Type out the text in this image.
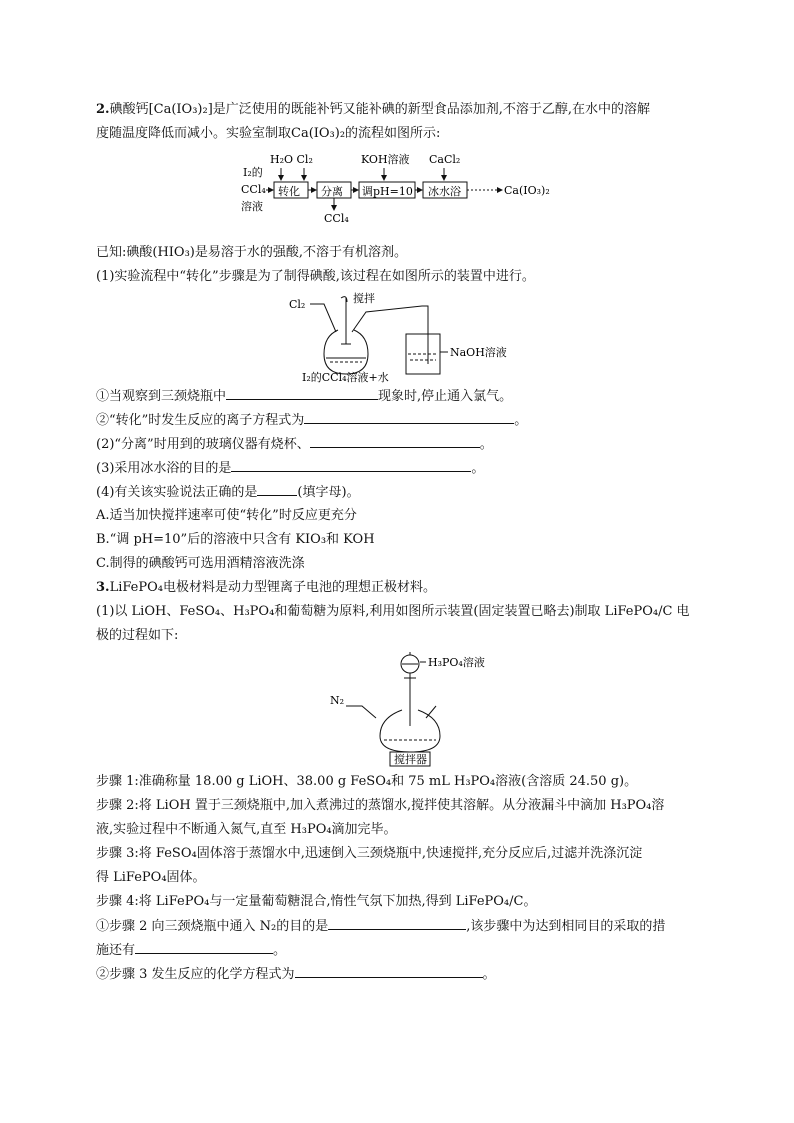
2.碘酸钙[Ca(IO₃)₂]是广泛使用的既能补钙又能补碘的新型食品添加剂,不溶于乙醇,在水中的溶解
度随温度降低而减小。实验室制取Ca(IO₃)₂的流程如图所示:
I₂的
CCl₄
溶液
H₂O Cl₂	KOH溶液 CaCl₂
转化 分离
CCl₄
调pH=10 冰水浴	Ca(IO₃)₂
已知:碘酸(HIO₃)是易溶于水的强酸,不溶于有机溶剂。
(1)实验流程中“转化”步骤是为了制得碘酸,该过程在如图所示的装置中进行。
Cl₂	搅拌
NaOH溶液
I₂的CCl₄溶液+水
①当观察到三颈烧瓶中	现象时,停止通入氯气。
②“转化”时发生反应的离子方程式为	。
(2)“分离”时用到的玻璃仪器有烧杯、	。
(3)采用冰水浴的目的是	。
(4)有关该实验说法正确的是	(填字母)。
A.适当加快搅拌速率可使“转化”时反应更充分
B.“调 pH=10”后的溶液中只含有 KIO₃和 KOH
C.制得的碘酸钙可选用酒精溶液洗涤
3.LiFePO₄电极材料是动力型锂离子电池的理想正极材料。
(1)以 LiOH、FeSO₄、H₃PO₄和葡萄糖为原料,利用如图所示装置(固定装置已略去)制取 LiFePO₄/C 电
极的过程如下:
H₃PO₄溶液
N₂
搅拌器
步骤 1:准确称量 18.00 g LiOH、38.00 g FeSO₄和 75 mL H₃PO₄溶液(含溶质 24.50 g)。
步骤 2:将 LiOH 置于三颈烧瓶中,加入煮沸过的蒸馏水,搅拌使其溶解。从分液漏斗中滴加 H₃PO₄溶
液,实验过程中不断通入氮气,直至 H₃PO₄滴加完毕。
步骤 3:将 FeSO₄固体溶于蒸馏水中,迅速倒入三颈烧瓶中,快速搅拌,充分反应后,过滤并洗涤沉淀
得 LiFePO₄固体。
步骤 4:将 LiFePO₄与一定量葡萄糖混合,惰性气氛下加热,得到 LiFePO₄/C。
①步骤 2 向三颈烧瓶中通入 N₂的目的是	,该步骤中为达到相同目的采取的措
施还有	。
②步骤 3 发生反应的化学方程式为	。
